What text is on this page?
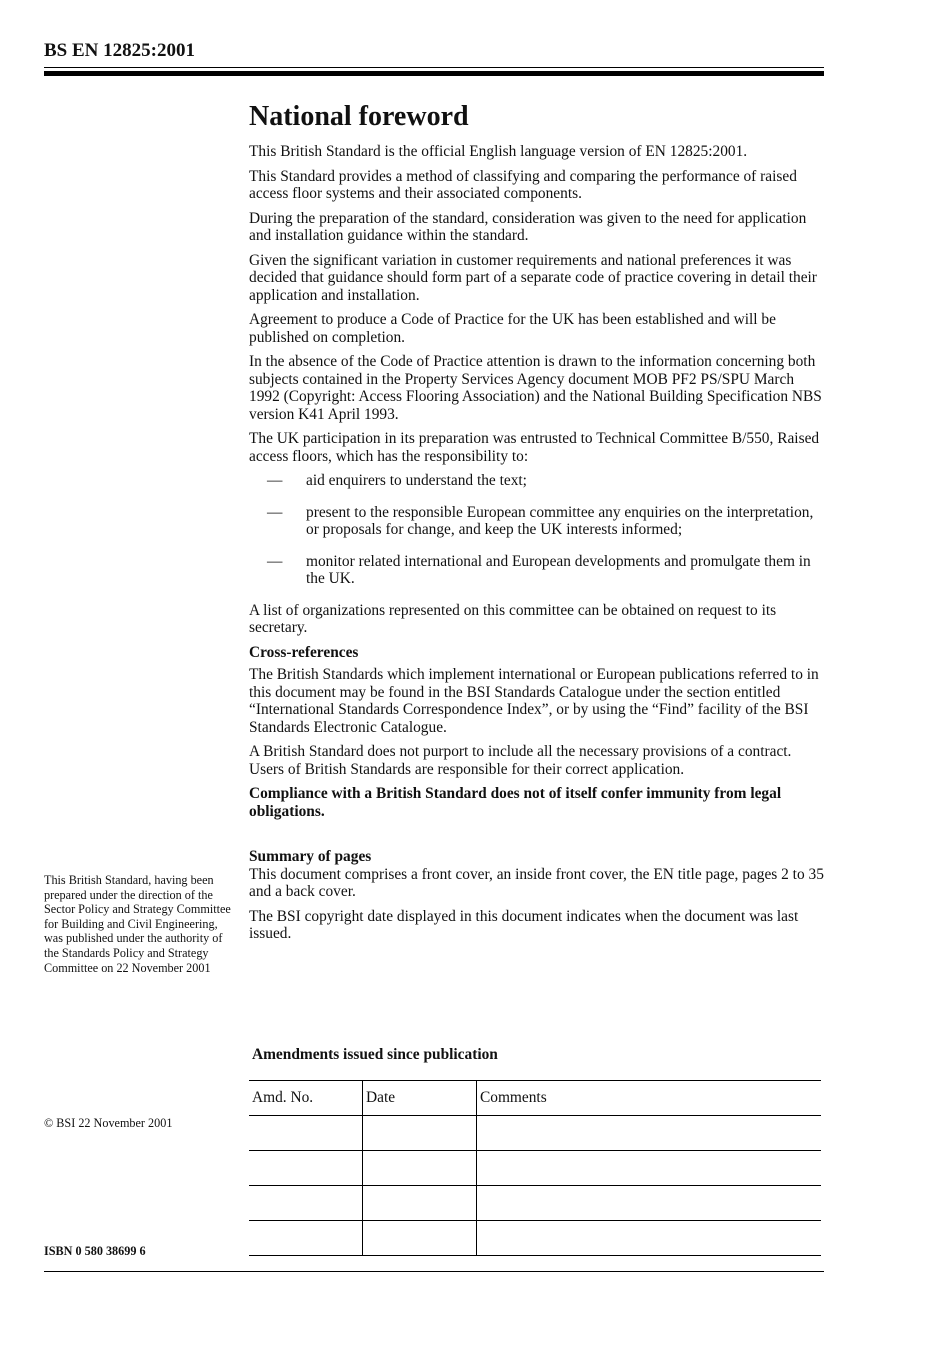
BS EN 12825:2001
National foreword

This British Standard is the official English language version of EN 12825:2001.

This Standard provides a method of classifying and comparing the performance of raised access floor systems and their associated components.

During the preparation of the standard, consideration was given to the need for application and installation guidance within the standard.

Given the significant variation in customer requirements and national preferences it was decided that guidance should form part of a separate code of practice covering in detail their application and installation.

Agreement to produce a Code of Practice for the UK has been established and will be published on completion.

In the absence of the Code of Practice attention is drawn to the information concerning both subjects contained in the Property Services Agency document MOB PF2 PS/SPU March 1992 (Copyright: Access Flooring Association) and the National Building Specification NBS version K41 April 1993.

The UK participation in its preparation was entrusted to Technical Committee B/550, Raised access floors, which has the responsibility to:

— aid enquirers to understand the text;
— present to the responsible European committee any enquiries on the interpretation, or proposals for change, and keep the UK interests informed;
— monitor related international and European developments and promulgate them in the UK.

A list of organizations represented on this committee can be obtained on request to its secretary.

Cross-references

The British Standards which implement international or European publications referred to in this document may be found in the BSI Standards Catalogue under the section entitled “International Standards Correspondence Index”, or by using the “Find” facility of the BSI Standards Electronic Catalogue.

A British Standard does not purport to include all the necessary provisions of a contract. Users of British Standards are responsible for their correct application.

Compliance with a British Standard does not of itself confer immunity from legal obligations.

Summary of pages

This document comprises a front cover, an inside front cover, the EN title page, pages 2 to 35 and a back cover.

The BSI copyright date displayed in this document indicates when the document was last issued.

This British Standard, having been prepared under the direction of the Sector Policy and Strategy Committee for Building and Civil Engineering, was published under the authority of the Standards Policy and Strategy Committee on 22 November 2001
© BSI 22 November 2001
ISBN 0 580 38699 6
Amendments issued since publication
Amd. No.	Date	Comments
